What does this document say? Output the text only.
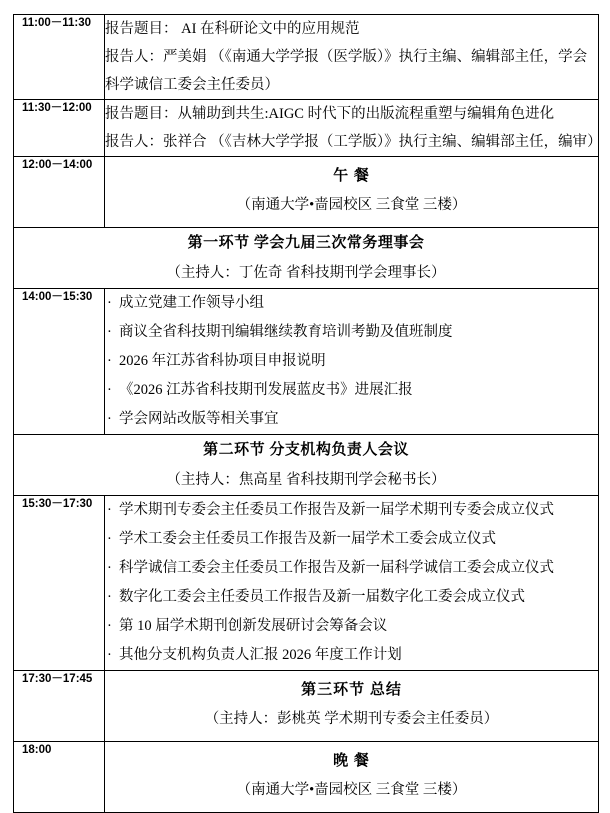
11:00－11:30	报告题目： AI 在科研论文中的应用规范
报告人：严美娟 （《南通大学学报（医学版）》执行主编、编辑部主任，学会
科学诚信工委会主任委员）

11:30－12:00	报告题目：从辅助到共生:AIGC 时代下的出版流程重塑与编辑角色进化
报告人：张祥合 （《吉林大学学报（工学版）》执行主编、编辑部主任，编审）

12:00－14:00	午 餐
（南通大学•啬园校区 三食堂 三楼）

第一环节 学会九届三次常务理事会
（主持人：丁佐奇 省科技期刊学会理事长）	

14:00－15:30	· 成立党建工作领导小组
· 商议全省科技期刊编辑继续教育培训考勤及值班制度
· 2026 年江苏省科协项目申报说明
· 《2026 江苏省科技期刊发展蓝皮书》进展汇报
· 学会网站改版等相关事宜

第二环节 分支机构负责人会议
（主持人：焦高星 省科技期刊学会秘书长）	

15:30－17:30	· 学术期刊专委会主任委员工作报告及新一届学术期刊专委会成立仪式
· 学术工委会主任委员工作报告及新一届学术工委会成立仪式
· 科学诚信工委会主任委员工作报告及新一届科学诚信工委会成立仪式
· 数字化工委会主任委员工作报告及新一届数字化工委会成立仪式
· 第 10 届学术期刊创新发展研讨会筹备会议
· 其他分支机构负责人汇报 2026 年度工作计划

17:30－17:45	第三环节 总结
（主持人：彭桃英 学术期刊专委会主任委员）

18:00	晚 餐
（南通大学•啬园校区 三食堂 三楼）
